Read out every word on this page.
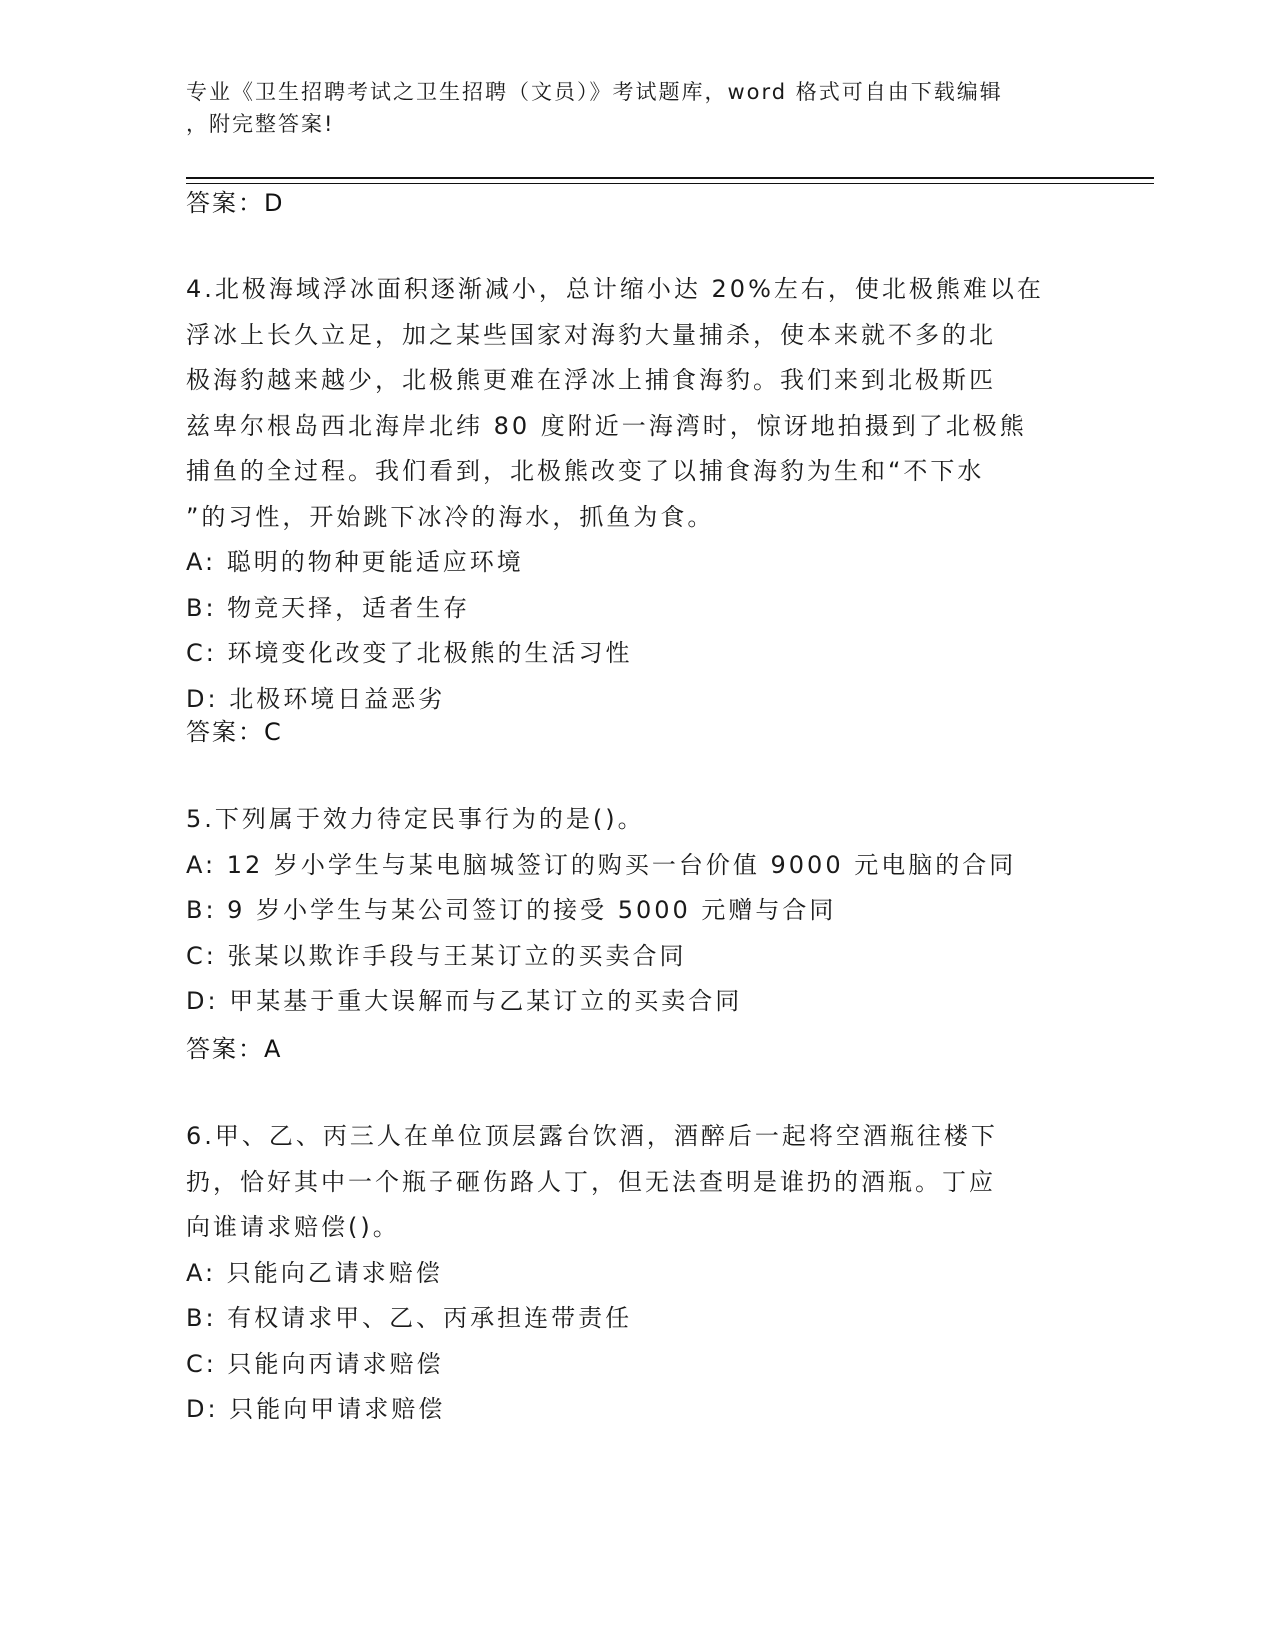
专业《卫生招聘考试之卫生招聘（文员）》考试题库，word 格式可自由下载编辑
，附完整答案!
答案：D
4.北极海域浮冰面积逐渐减小，总计缩小达 20%左右，使北极熊难以在
浮冰上长久立足，加之某些国家对海豹大量捕杀，使本来就不多的北
极海豹越来越少，北极熊更难在浮冰上捕食海豹。我们来到北极斯匹
兹卑尔根岛西北海岸北纬 80 度附近一海湾时，惊讶地拍摄到了北极熊
捕鱼的全过程。我们看到，北极熊改变了以捕食海豹为生和“不下水
”的习性，开始跳下冰冷的海水，抓鱼为食。
A: 聪明的物种更能适应环境
B: 物竞天择，适者生存
C: 环境变化改变了北极熊的生活习性
D: 北极环境日益恶劣
答案：C
5.下列属于效力待定民事行为的是()。
A: 12 岁小学生与某电脑城签订的购买一台价值 9000 元电脑的合同
B: 9 岁小学生与某公司签订的接受 5000 元赠与合同
C: 张某以欺诈手段与王某订立的买卖合同
D: 甲某基于重大误解而与乙某订立的买卖合同
答案：A
6.甲、乙、丙三人在单位顶层露台饮酒，酒醉后一起将空酒瓶往楼下
扔，恰好其中一个瓶子砸伤路人丁，但无法查明是谁扔的酒瓶。丁应
向谁请求赔偿()。
A: 只能向乙请求赔偿
B: 有权请求甲、乙、丙承担连带责任
C: 只能向丙请求赔偿
D: 只能向甲请求赔偿
